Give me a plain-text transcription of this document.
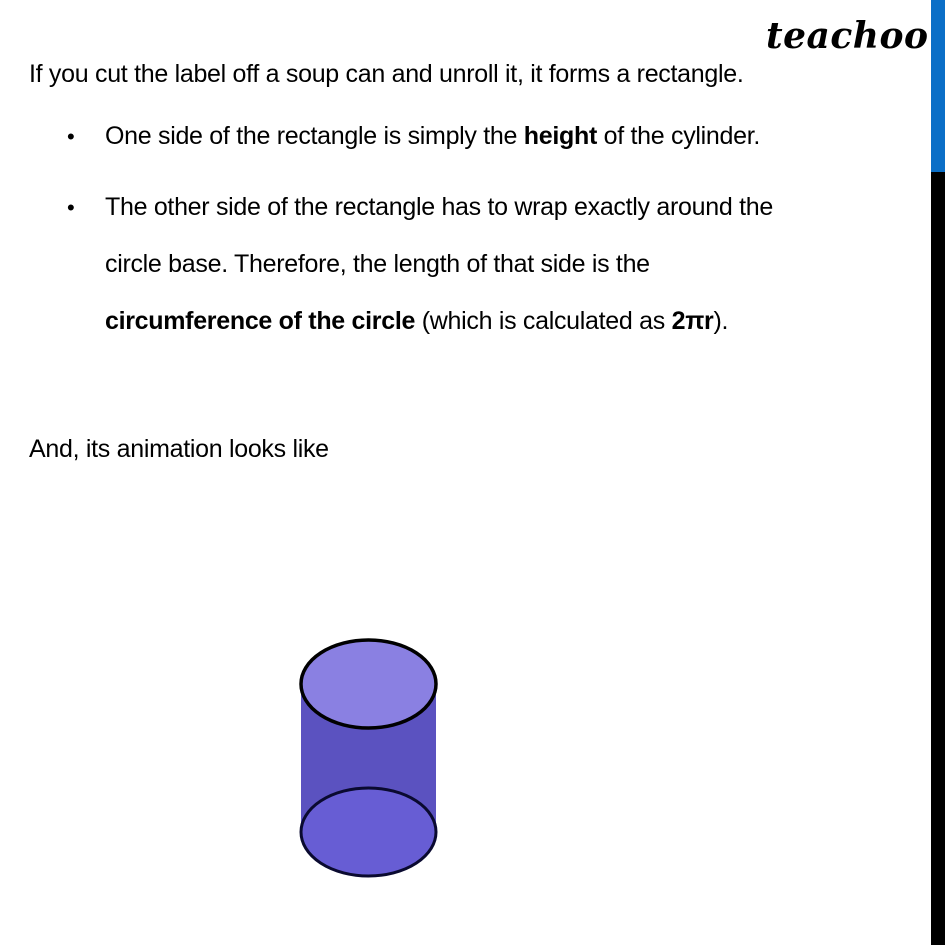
teachoo

If you cut the label off a soup can and unroll it, it forms a rectangle.

• One side of the rectangle is simply the height of the cylinder.
• The other side of the rectangle has to wrap exactly around the
circle base. Therefore, the length of that side is the
circumference of the circle (which is calculated as 2πr).

And, its animation looks like
